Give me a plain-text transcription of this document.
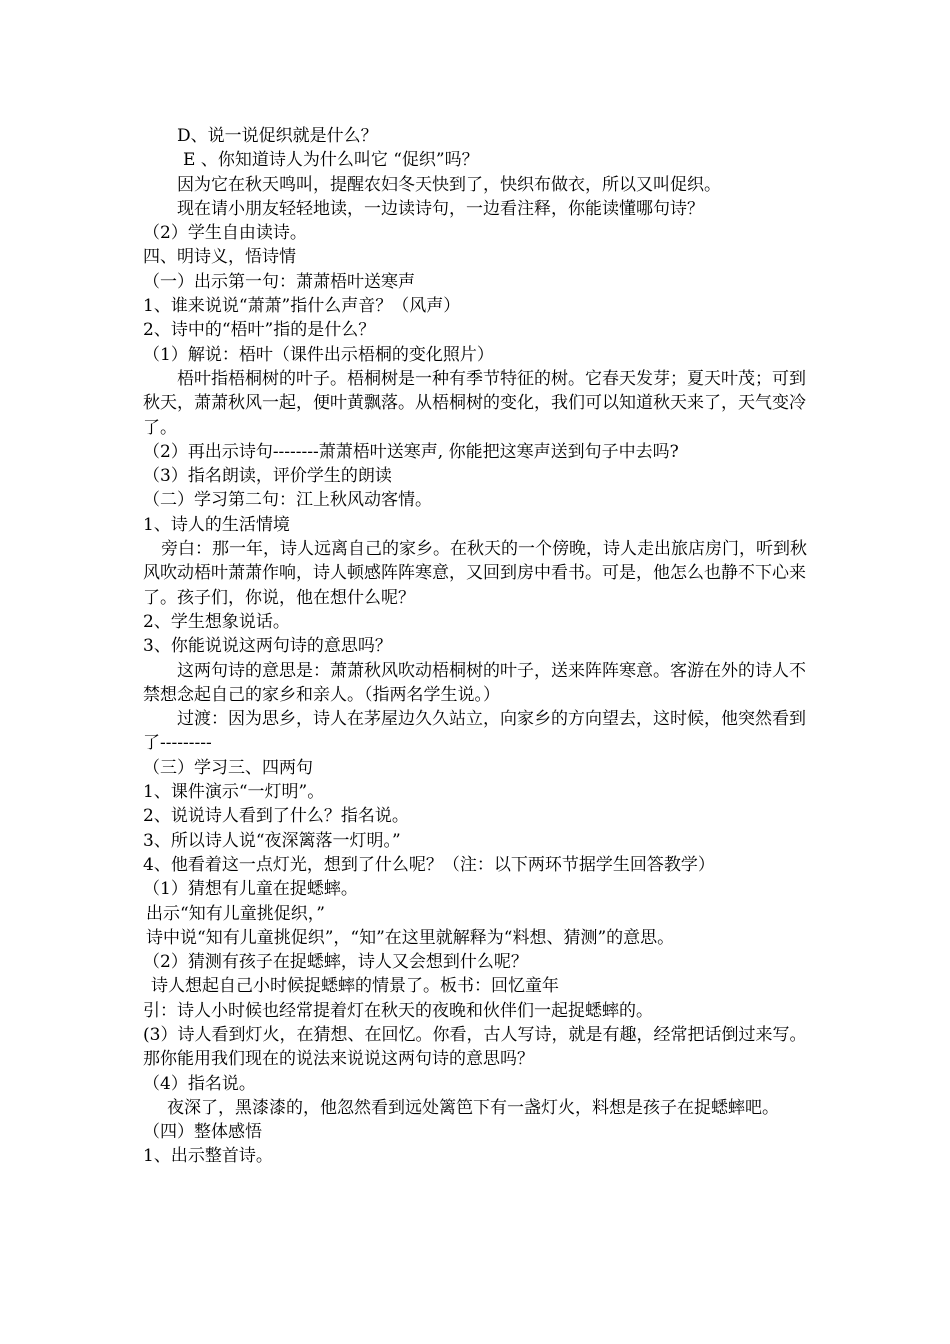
D、说一说促织就是什么？

E 、你知道诗人为什么叫它 “促织”吗？

因为它在秋天鸣叫，提醒农妇冬天快到了，快织布做衣，所以又叫促织。

现在请小朋友轻轻地读，一边读诗句，一边看注释，你能读懂哪句诗？

（2）学生自由读诗。

四、明诗义，悟诗情

（一）出示第一句：萧萧梧叶送寒声

1、谁来说说“萧萧”指什么声音？（风声）

2、诗中的“梧叶”指的是什么？

（1）解说：梧叶（课件出示梧桐的变化照片）

梧叶指梧桐树的叶子。梧桐树是一种有季节特征的树。它春天发芽；夏天叶茂；可到秋天，萧萧秋风一起，便叶黄飘落。从梧桐树的变化，我们可以知道秋天来了，天气变冷了。

（2）再出示诗句--------萧萧梧叶送寒声, 你能把这寒声送到句子中去吗?

（3）指名朗读，评价学生的朗读

（二）学习第二句：江上秋风动客情。

1、诗人的生活情境

旁白：那一年，诗人远离自己的家乡。在秋天的一个傍晚，诗人走出旅店房门，听到秋风吹动梧叶萧萧作响，诗人顿感阵阵寒意，又回到房中看书。可是，他怎么也静不下心来了。孩子们，你说，他在想什么呢？

2、学生想象说话。

3、你能说说这两句诗的意思吗？

这两句诗的意思是：萧萧秋风吹动梧桐树的叶子，送来阵阵寒意。客游在外的诗人不禁想念起自己的家乡和亲人。（指两名学生说。）

过渡：因为思乡，诗人在茅屋边久久站立，向家乡的方向望去，这时候，他突然看到了---------

（三）学习三、四两句

1、课件演示“一灯明”。

2、说说诗人看到了什么？指名说。

3、所以诗人说“夜深篱落一灯明。”

4、他看着这一点灯光，想到了什么呢？（注：以下两环节据学生回答教学）

（1）猜想有儿童在捉蟋蟀。

出示“知有儿童挑促织，”

诗中说“知有儿童挑促织”，“知”在这里就解释为“料想、猜测”的意思。

（2）猜测有孩子在捉蟋蟀，诗人又会想到什么呢？

诗人想起自己小时候捉蟋蟀的情景了。板书：回忆童年

引：诗人小时候也经常提着灯在秋天的夜晚和伙伴们一起捉蟋蟀的。

(3）诗人看到灯火，在猜想、在回忆。你看，古人写诗，就是有趣，经常把话倒过来写。那你能用我们现在的说法来说说这两句诗的意思吗？

（4）指名说。

夜深了，黑漆漆的，他忽然看到远处篱笆下有一盏灯火，料想是孩子在捉蟋蟀吧。

（四）整体感悟

1、出示整首诗。
